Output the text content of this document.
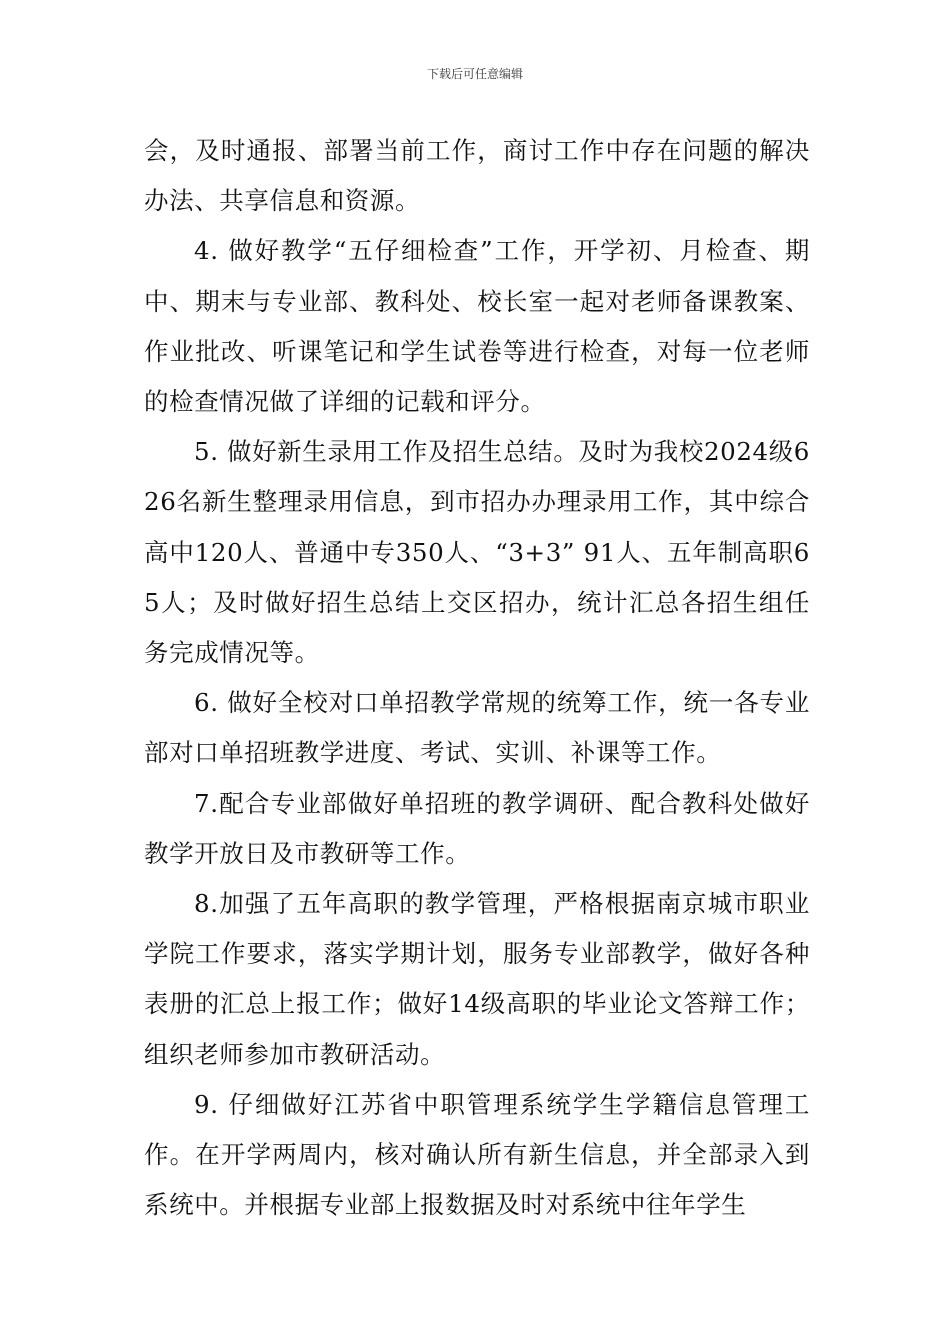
下载后可任意编辑

会，及时通报、部署当前工作，商讨工作中存在问题的解决办法、共享信息和资源。

4. 做好教学“五仔细检查”工作，开学初、月检查、期中、期末与专业部、教科处、校长室一起对老师备课教案、作业批改、听课笔记和学生试卷等进行检查，对每一位老师的检查情况做了详细的记载和评分。

5. 做好新生录用工作及招生总结。及时为我校2024级626名新生整理录用信息，到市招办办理录用工作，其中综合高中120人、普通中专350人、“3+3” 91人、五年制高职65人；及时做好招生总结上交区招办，统计汇总各招生组任务完成情况等。

6. 做好全校对口单招教学常规的统筹工作，统一各专业部对口单招班教学进度、考试、实训、补课等工作。

7.配合专业部做好单招班的教学调研、配合教科处做好教学开放日及市教研等工作。

8.加强了五年高职的教学管理，严格根据南京城市职业学院工作要求，落实学期计划，服务专业部教学，做好各种表册的汇总上报工作；做好14级高职的毕业论文答辩工作；组织老师参加市教研活动。

9. 仔细做好江苏省中职管理系统学生学籍信息管理工作。在开学两周内，核对确认所有新生信息，并全部录入到系统中。并根据专业部上报数据及时对系统中往年学生
